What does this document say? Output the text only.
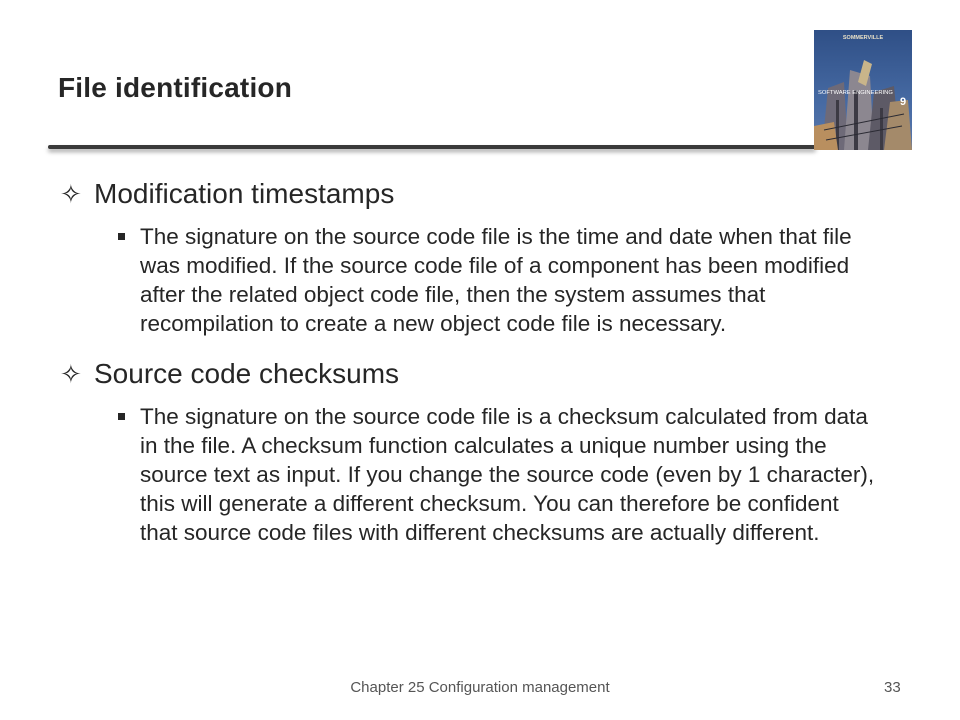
File identification
SOMMERVILLE
SOFTWARE ENGINEERING
9
✧ Modification timestamps
The signature on the source code file is the time and date when that file was modified. If the source code file of a component has been modified after the related object code file, then the system assumes that recompilation to create a new object code file is necessary.
✧ Source code checksums
The signature on the source code file is a checksum calculated from data in the file. A checksum function calculates a unique number using the source text as input. If you change the source code (even by 1 character), this will generate a different checksum. You can therefore be confident that source code files with different checksums are actually different.
Chapter 25 Configuration management	33
